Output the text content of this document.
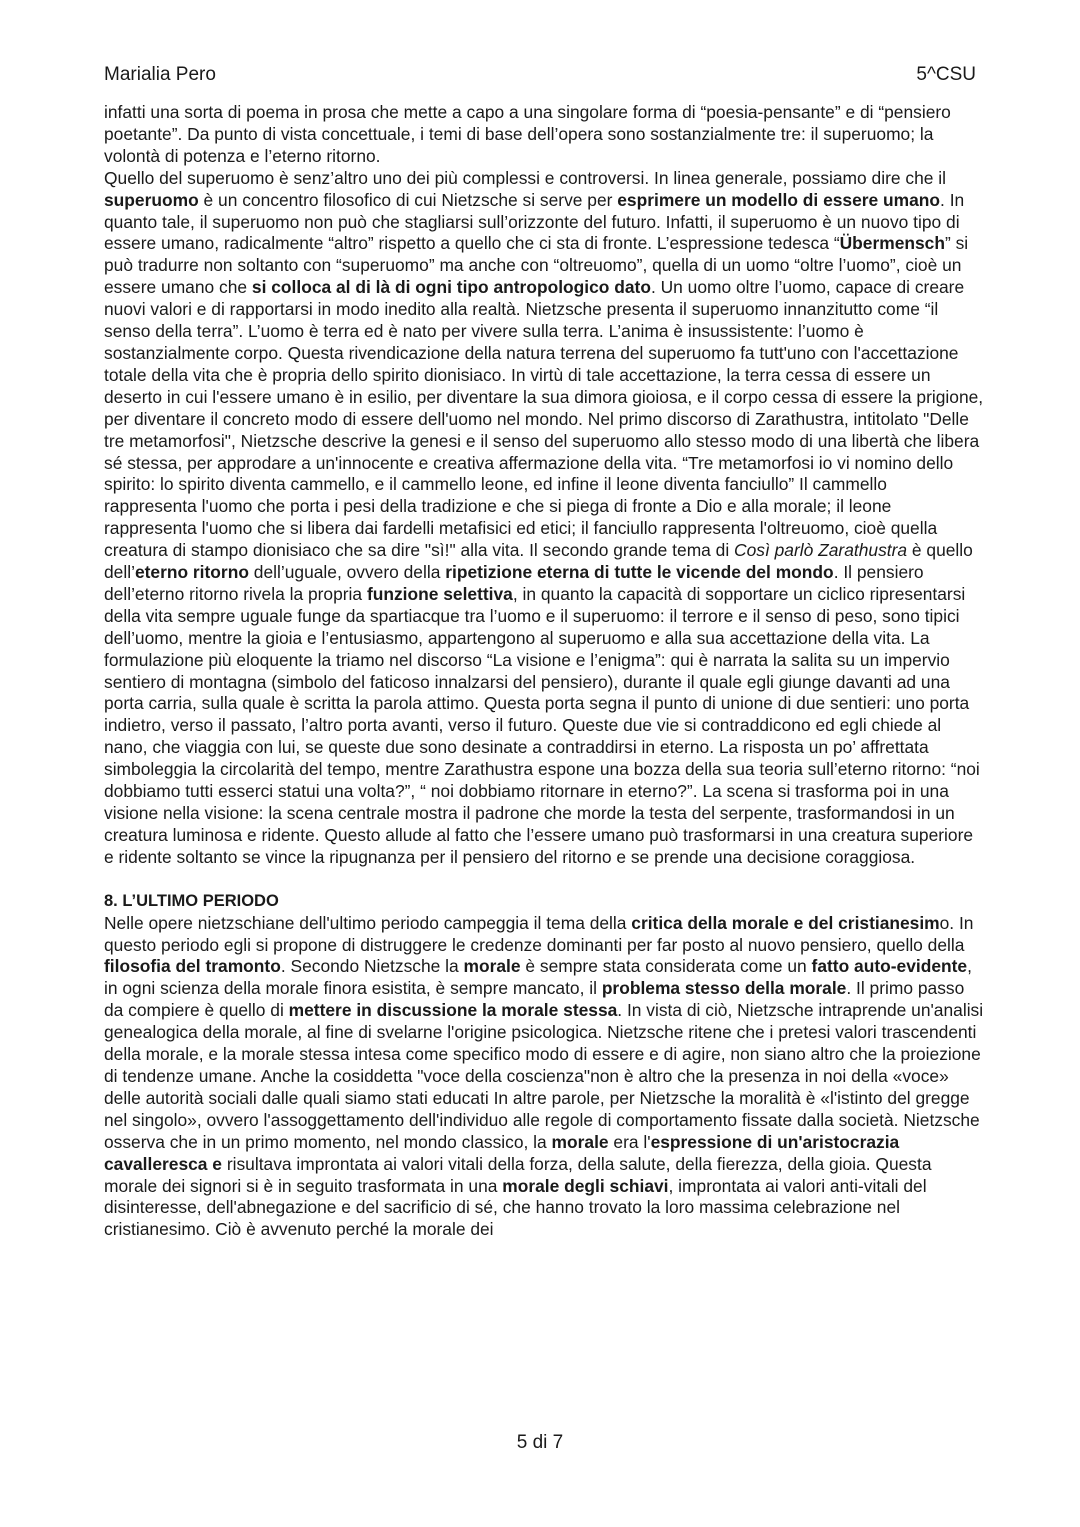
Marialia Pero	5^CSU

infatti una sorta di poema in prosa che mette a capo a una singolare forma di “poesia-pensante” e di “pensiero poetante”. Da punto di vista concettuale, i temi di base dell’opera sono sostanzialmente tre: il superuomo; la volontà di potenza e l’eterno ritorno.

Quello del superuomo è senz’altro uno dei più complessi e controversi. In linea generale, possiamo dire che il superuomo è un concentro filosofico di cui Nietzsche si serve per esprimere un modello di essere umano. In quanto tale, il superuomo non può che stagliarsi sull’orizzonte del futuro. Infatti, il superuomo è un nuovo tipo di essere umano, radicalmente “altro” rispetto a quello che ci sta di fronte. L’espressione tedesca “Übermensch” si può tradurre non soltanto con “superuomo” ma anche con “oltreuomo”, quella di un uomo “oltre l’uomo”, cioè un essere umano che si colloca al di là di ogni tipo antropologico dato. Un uomo oltre l’uomo, capace di creare nuovi valori e di rapportarsi in modo inedito alla realtà. Nietzsche presenta il superuomo innanzitutto come “il senso della terra”. L’uomo è terra ed è nato per vivere sulla terra. L’anima è insussistente: l’uomo è sostanzialmente corpo. Questa rivendicazione della natura terrena del superuomo fa tutt'uno con l'accettazione totale della vita che è propria dello spirito dionisiaco. In virtù di tale accettazione, la terra cessa di essere un deserto in cui l'essere umano è in esilio, per diventare la sua dimora gioiosa, e il corpo cessa di essere la prigione, per diventare il concreto modo di essere dell'uomo nel mondo. Nel primo discorso di Zarathustra, intitolato "Delle tre metamorfosi", Nietzsche descrive la genesi e il senso del superuomo allo stesso modo di una libertà che libera sé stessa, per approdare a un'innocente e creativa affermazione della vita. “Tre metamorfosi io vi nomino dello spirito: lo spirito diventa cammello, e il cammello leone, ed infine il leone diventa fanciullo” Il cammello rappresenta l'uomo che porta i pesi della tradizione e che si piega di fronte a Dio e alla morale; il leone rappresenta l'uomo che si libera dai fardelli metafisici ed etici; il fanciullo rappresenta l'oltreuomo, cioè quella creatura di stampo dionisiaco che sa dire "sì!" alla vita. Il secondo grande tema di Così parlò Zarathustra è quello dell’eterno ritorno dell’uguale, ovvero della ripetizione eterna di tutte le vicende del mondo. Il pensiero dell’eterno ritorno rivela la propria funzione selettiva, in quanto la capacità di sopportare un ciclico ripresentarsi della vita sempre uguale funge da spartiacque tra l’uomo e il superuomo: il terrore e il senso di peso, sono tipici dell’uomo, mentre la gioia e l’entusiasmo, appartengono al superuomo e alla sua accettazione della vita. La formulazione più eloquente la triamo nel discorso “La visione e l’enigma”: qui è narrata la salita su un impervio sentiero di montagna (simbolo del faticoso innalzarsi del pensiero), durante il quale egli giunge davanti ad una porta carria, sulla quale è scritta la parola attimo. Questa porta segna il punto di unione di due sentieri: uno porta indietro, verso il passato, l’altro porta avanti, verso il futuro. Queste due vie si contraddicono ed egli chiede al nano, che viaggia con lui, se queste due sono desinate a contraddirsi in eterno. La risposta un po’ affrettata simboleggia la circolarità del tempo, mentre Zarathustra espone una bozza della sua teoria sull’eterno ritorno: “noi dobbiamo tutti esserci statui una volta?”, “ noi dobbiamo ritornare in eterno?”. La scena si trasforma poi in una visione nella visione: la scena centrale mostra il padrone che morde la testa del serpente, trasformandosi in un creatura luminosa e ridente. Questo allude al fatto che l’essere umano può trasformarsi in una creatura superiore e ridente soltanto se vince la ripugnanza per il pensiero del ritorno e se prende una decisione coraggiosa.

8. L’ULTIMO PERIODO

Nelle opere nietzschiane dell'ultimo periodo campeggia il tema della critica della morale e del cristianesimo. In questo periodo egli si propone di distruggere le credenze dominanti per far posto al nuovo pensiero, quello della filosofia del tramonto. Secondo Nietzsche la morale è sempre stata considerata come un fatto auto-evidente, in ogni scienza della morale finora esistita, è sempre mancato, il problema stesso della morale. Il primo passo da compiere è quello di mettere in discussione la morale stessa. In vista di ciò, Nietzsche intraprende un'analisi genealogica della morale, al fine di svelarne l'origine psicologica. Nietzsche ritene che i pretesi valori trascendenti della morale, e la morale stessa intesa come specifico modo di essere e di agire, non siano altro che la proiezione di tendenze umane. Anche la cosiddetta "voce della coscienza"non è altro che la presenza in noi della «voce» delle autorità sociali dalle quali siamo stati educati In altre parole, per Nietzsche la moralità è «l'istinto del gregge nel singolo», ovvero l'assoggettamento dell'individuo alle regole di comportamento fissate dalla società. Nietzsche osserva che in un primo momento, nel mondo classico, la morale era l'espressione di un'aristocrazia cavalleresca e risultava improntata ai valori vitali della forza, della salute, della fierezza, della gioia. Questa morale dei signori si è in seguito trasformata in una morale degli schiavi, improntata ai valori anti-vitali del disinteresse, dell'abnegazione e del sacrificio di sé, che hanno trovato la loro massima celebrazione nel cristianesimo. Ciò è avvenuto perché la morale dei

5 di 7
